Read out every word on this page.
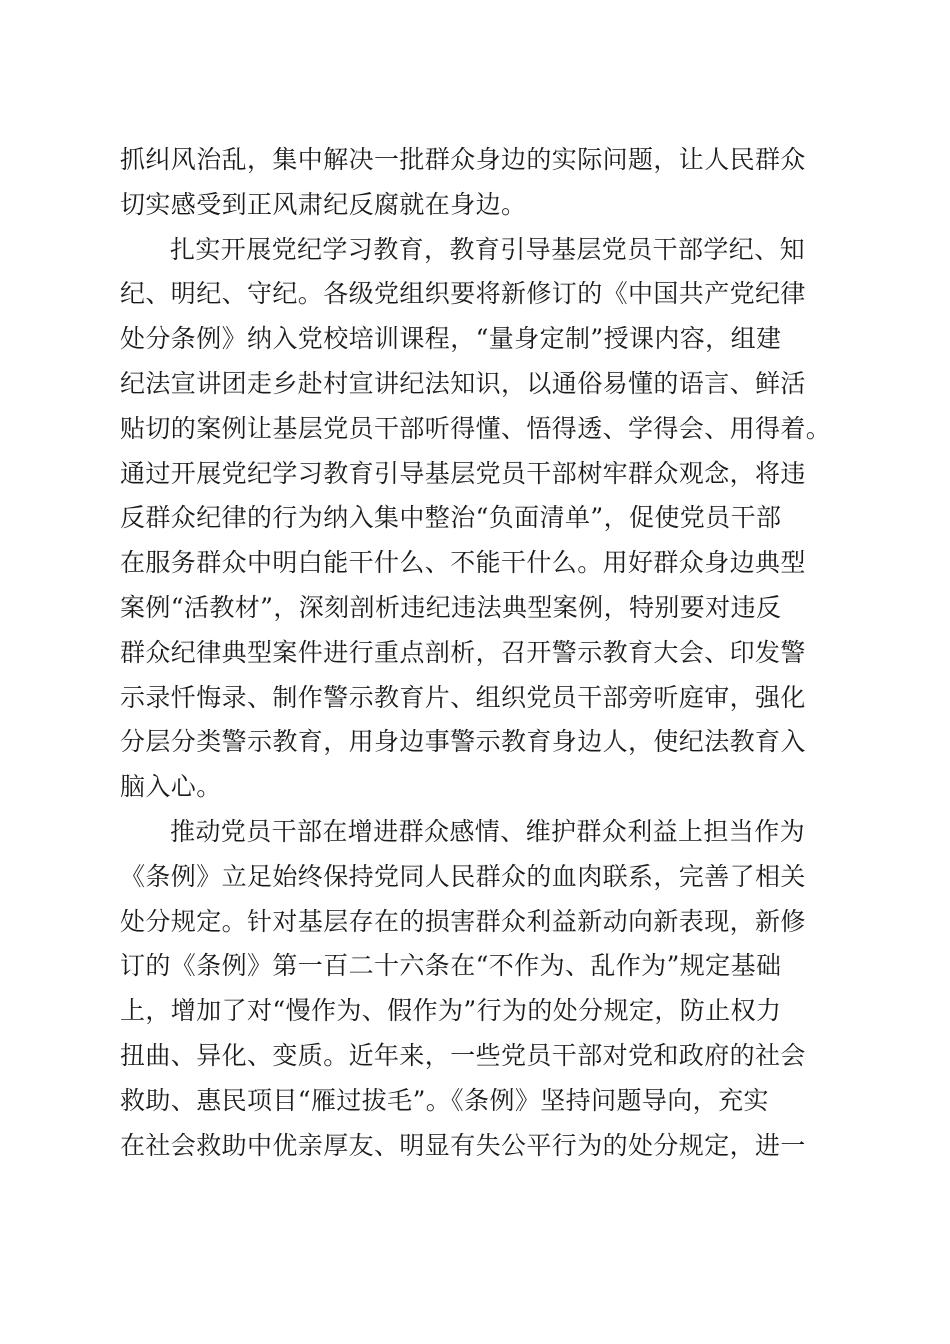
抓纠风治乱，集中解决一批群众身边的实际问题，让人民群众
切实感受到正风肃纪反腐就在身边。
扎实开展党纪学习教育，教育引导基层党员干部学纪、知
纪、明纪、守纪。各级党组织要将新修订的《中国共产党纪律
处分条例》纳入党校培训课程，“量身定制”授课内容，组建
纪法宣讲团走乡赴村宣讲纪法知识，以通俗易懂的语言、鲜活
贴切的案例让基层党员干部听得懂、悟得透、学得会、用得着。
通过开展党纪学习教育引导基层党员干部树牢群众观念，将违
反群众纪律的行为纳入集中整治“负面清单”，促使党员干部
在服务群众中明白能干什么、不能干什么。用好群众身边典型
案例“活教材”，深刻剖析违纪违法典型案例，特别要对违反
群众纪律典型案件进行重点剖析，召开警示教育大会、印发警
示录忏悔录、制作警示教育片、组织党员干部旁听庭审，强化
分层分类警示教育，用身边事警示教育身边人，使纪法教育入
脑入心。
推动党员干部在增进群众感情、维护群众利益上担当作为
《条例》立足始终保持党同人民群众的血肉联系，完善了相关
处分规定。针对基层存在的损害群众利益新动向新表现，新修
订的《条例》第一百二十六条在“不作为、乱作为”规定基础
上，增加了对“慢作为、假作为”行为的处分规定，防止权力
扭曲、异化、变质。近年来，一些党员干部对党和政府的社会
救助、惠民项目“雁过拔毛”。《条例》坚持问题导向，充实
在社会救助中优亲厚友、明显有失公平行为的处分规定，进一
